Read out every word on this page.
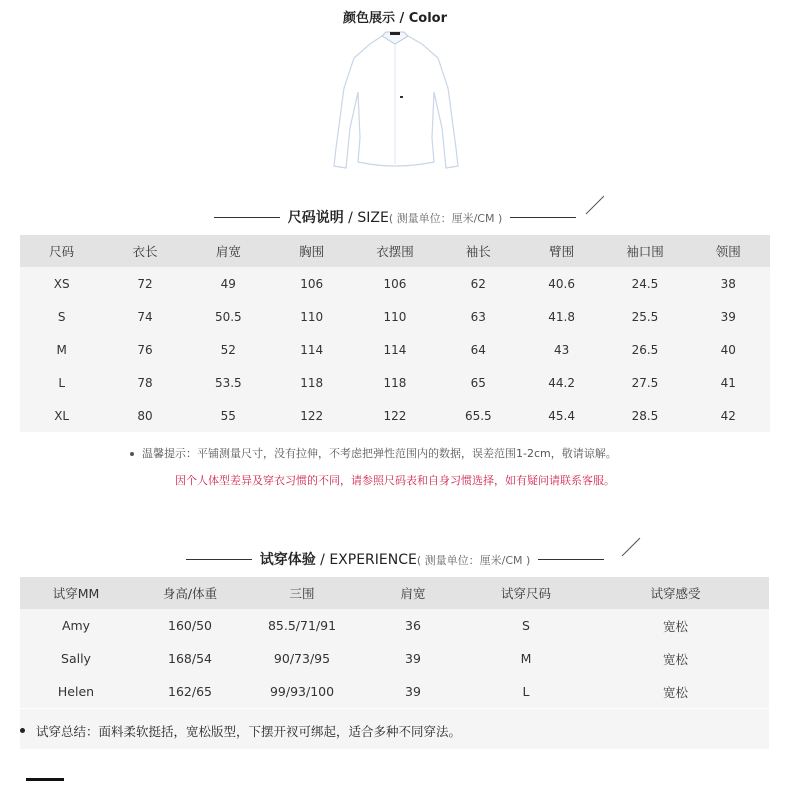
颜色展示 / Color
尺码说明 / SIZE( 测量单位：厘米/CM )
尺码	衣长	肩宽	胸围	衣摆围	袖长	臂围	袖口围	领围
XS	72	49	106	106	62	40.6	24.5	38
S	74	50.5	110	110	63	41.8	25.5	39
M	76	52	114	114	64	43	26.5	40
L	78	53.5	118	118	65	44.2	27.5	41
XL	80	55	122	122	65.5	45.4	28.5	42
温馨提示：平铺测量尺寸，没有拉伸，不考虑把弹性范围内的数据，误差范围1-2cm，敬请谅解。
因个人体型差异及穿衣习惯的不同，请参照尺码表和自身习惯选择，如有疑问请联系客服。
试穿体验 / EXPERIENCE( 测量单位：厘米/CM )
试穿MM	身高/体重	三围	肩宽	试穿尺码	试穿感受
Amy	160/50	85.5/71/91	36	S	宽松
Sally	168/54	90/73/95	39	M	宽松
Helen	162/65	99/93/100	39	L	宽松
试穿总结：面料柔软挺括，宽松版型，下摆开衩可绑起，适合多种不同穿法。
